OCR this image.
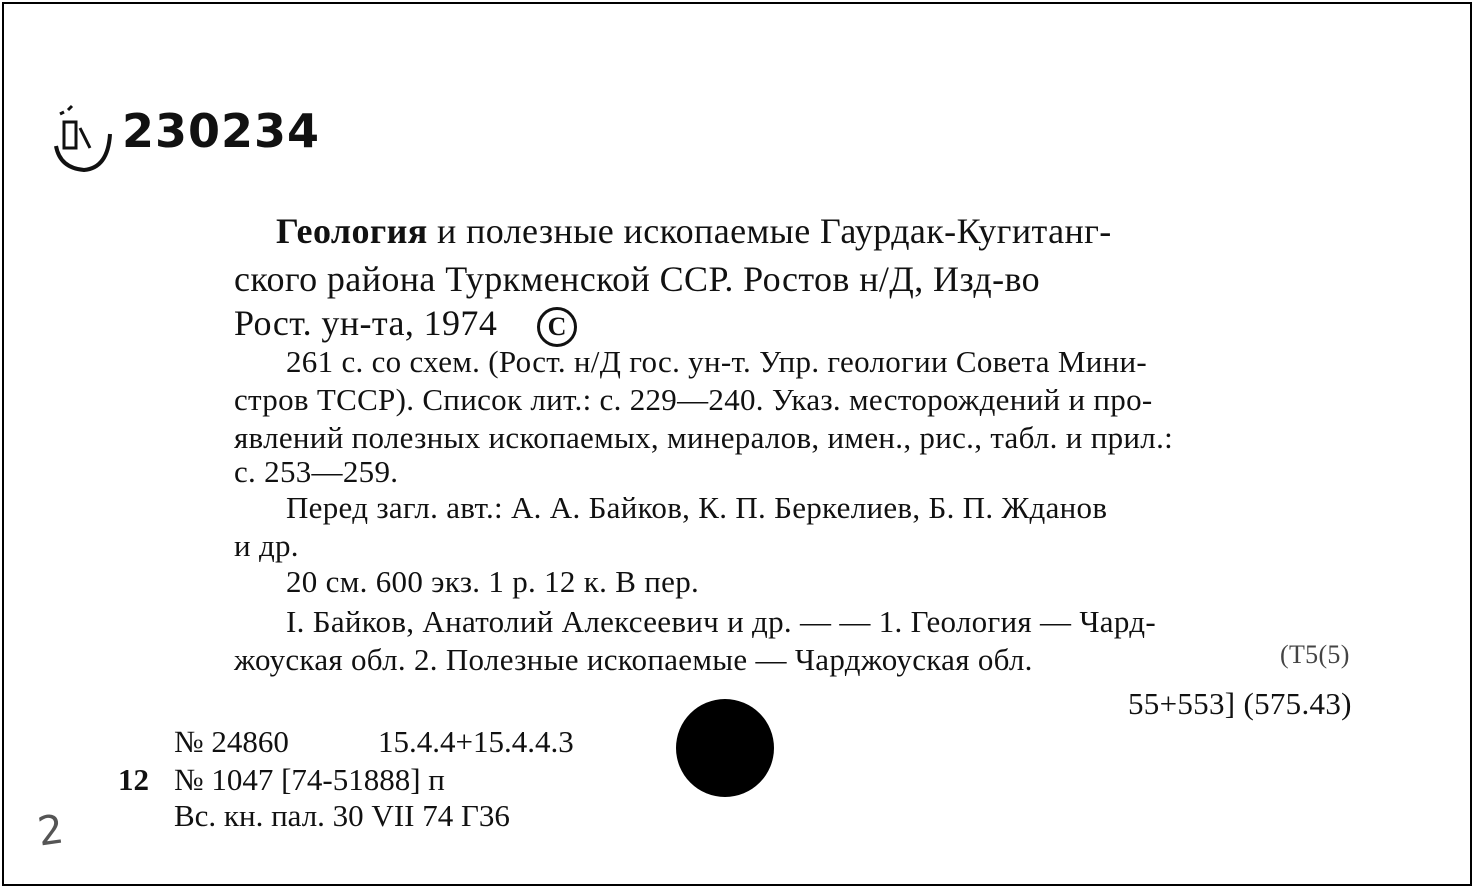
230234
Геология и полезные ископаемые Гаурдак-Кугитанг-
ского района Туркменской ССР. Ростов н/Д, Изд-во
Рост. ун-та, 1974 C
261 с. со схем. (Рост. н/Д гос. ун-т. Упр. геологии Совета Мини-
стров ТССР). Список лит.: с. 229—240. Указ. месторождений и про-
явлений полезных ископаемых, минералов, имен., рис., табл. и прил.:
с. 253—259.
Перед загл. авт.: А. А. Байков, К. П. Беркелиев, Б. П. Жданов
и др.
20 см. 600 экз. 1 р. 12 к. В пер.
I. Байков, Анатолий Алексеевич и др. — — 1. Геология — Чард-
жоуская обл. 2. Полезные ископаемые — Чарджоуская обл.	(Т5(5)
55+553] (575.43)
№ 24860	15.4.4+15.4.4.3
12 № 1047 [74-51888] п
Вс. кн. пал. 30 VII 74 Г36
2
